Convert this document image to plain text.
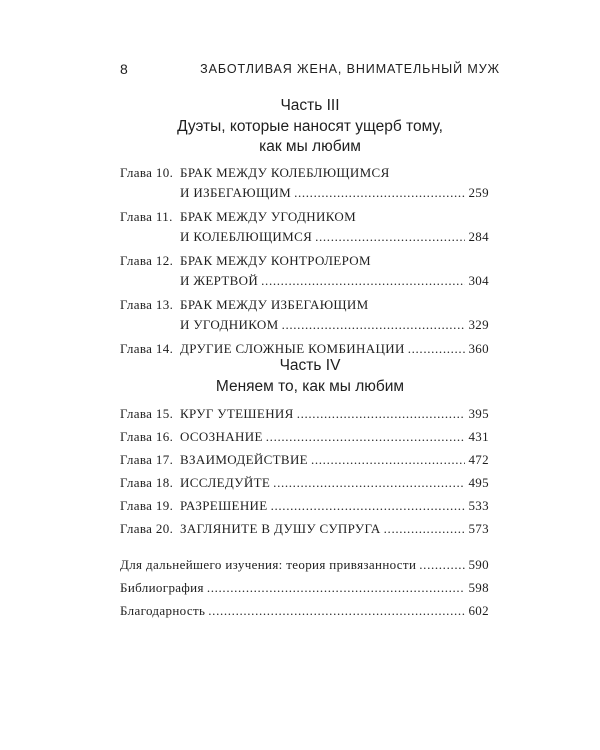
8	ЗАБОТЛИВАЯ ЖЕНА, ВНИМАТЕЛЬНЫЙ МУЖ
Часть III
Дуэты, которые наносят ущерб тому,
как мы любим
Глава 10. БРАК МЕЖДУ КОЛЕБЛЮЩИМСЯ
И ИЗБЕГАЮЩИМ . . .	259
Глава 11. БРАК МЕЖДУ УГОДНИКОМ
И КОЛЕБЛЮЩИМСЯ . . .	284
Глава 12. БРАК МЕЖДУ КОНТРОЛЕРОМ
И ЖЕРТВОЙ . . .	304
Глава 13. БРАК МЕЖДУ ИЗБЕГАЮЩИМ
И УГОДНИКОМ . . .	329
Глава 14. ДРУГИЕ СЛОЖНЫЕ КОМБИНАЦИИ . . .	360
Часть IV
Меняем то, как мы любим
Глава 15. КРУГ УТЕШЕНИЯ . . .	395
Глава 16. ОСОЗНАНИЕ . . .	431
Глава 17. ВЗАИМОДЕЙСТВИЕ . . .	472
Глава 18. ИССЛЕДУЙТЕ . . .	495
Глава 19. РАЗРЕШЕНИЕ . . .	533
Глава 20. ЗАГЛЯНИТЕ В ДУШУ СУПРУГА . . .	573
Для дальнейшего изучения: теория привязанности . . .	590
Библиография . . .	598
Благодарность . . .	602
